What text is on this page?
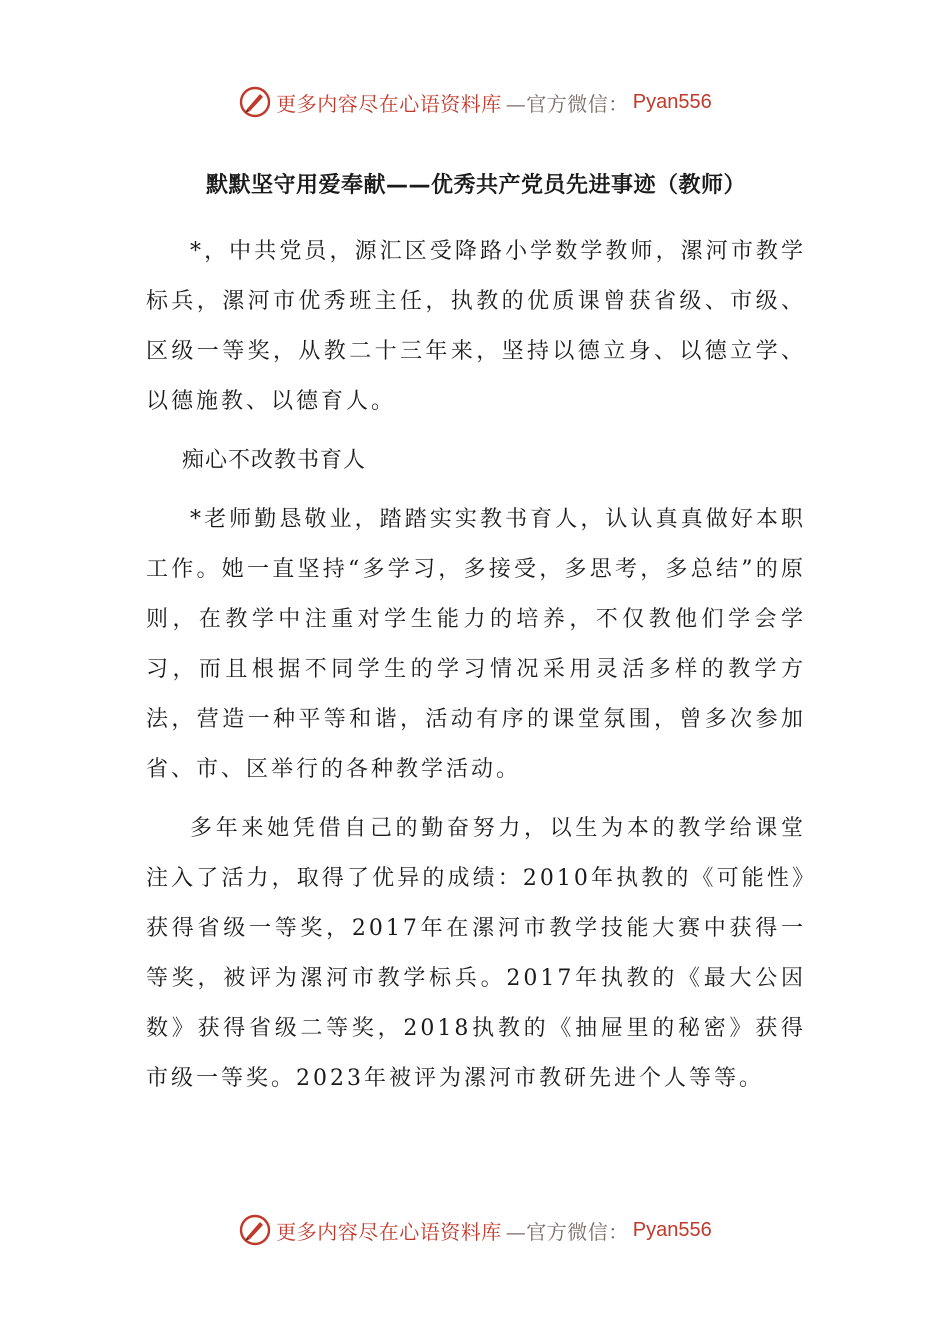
更多内容尽在心语资料库 —官方微信： Pyan556
默默坚守用爱奉献——优秀共产党员先进事迹（教师）

*，中共党员，源汇区受降路小学数学教师，漯河市教学标兵，漯河市优秀班主任，执教的优质课曾获省级、市级、区级一等奖，从教二十三年来，坚持以德立身、以德立学、以德施教、以德育人。

痴心不改教书育人

*老师勤恳敬业，踏踏实实教书育人，认认真真做好本职工作。她一直坚持“多学习，多接受，多思考，多总结”的原则，在教学中注重对学生能力的培养，不仅教他们学会学习，而且根据不同学生的学习情况采用灵活多样的教学方法，营造一种平等和谐，活动有序的课堂氛围，曾多次参加省、市、区举行的各种教学活动。

多年来她凭借自己的勤奋努力，以生为本的教学给课堂注入了活力，取得了优异的成绩：2010年执教的《可能性》获得省级一等奖，2017年在漯河市教学技能大赛中获得一等奖，被评为漯河市教学标兵。2017年执教的《最大公因数》获得省级二等奖，2018执教的《抽屉里的秘密》获得市级一等奖。2023年被评为漯河市教研先进个人等等。

更多内容尽在心语资料库 —官方微信： Pyan556
